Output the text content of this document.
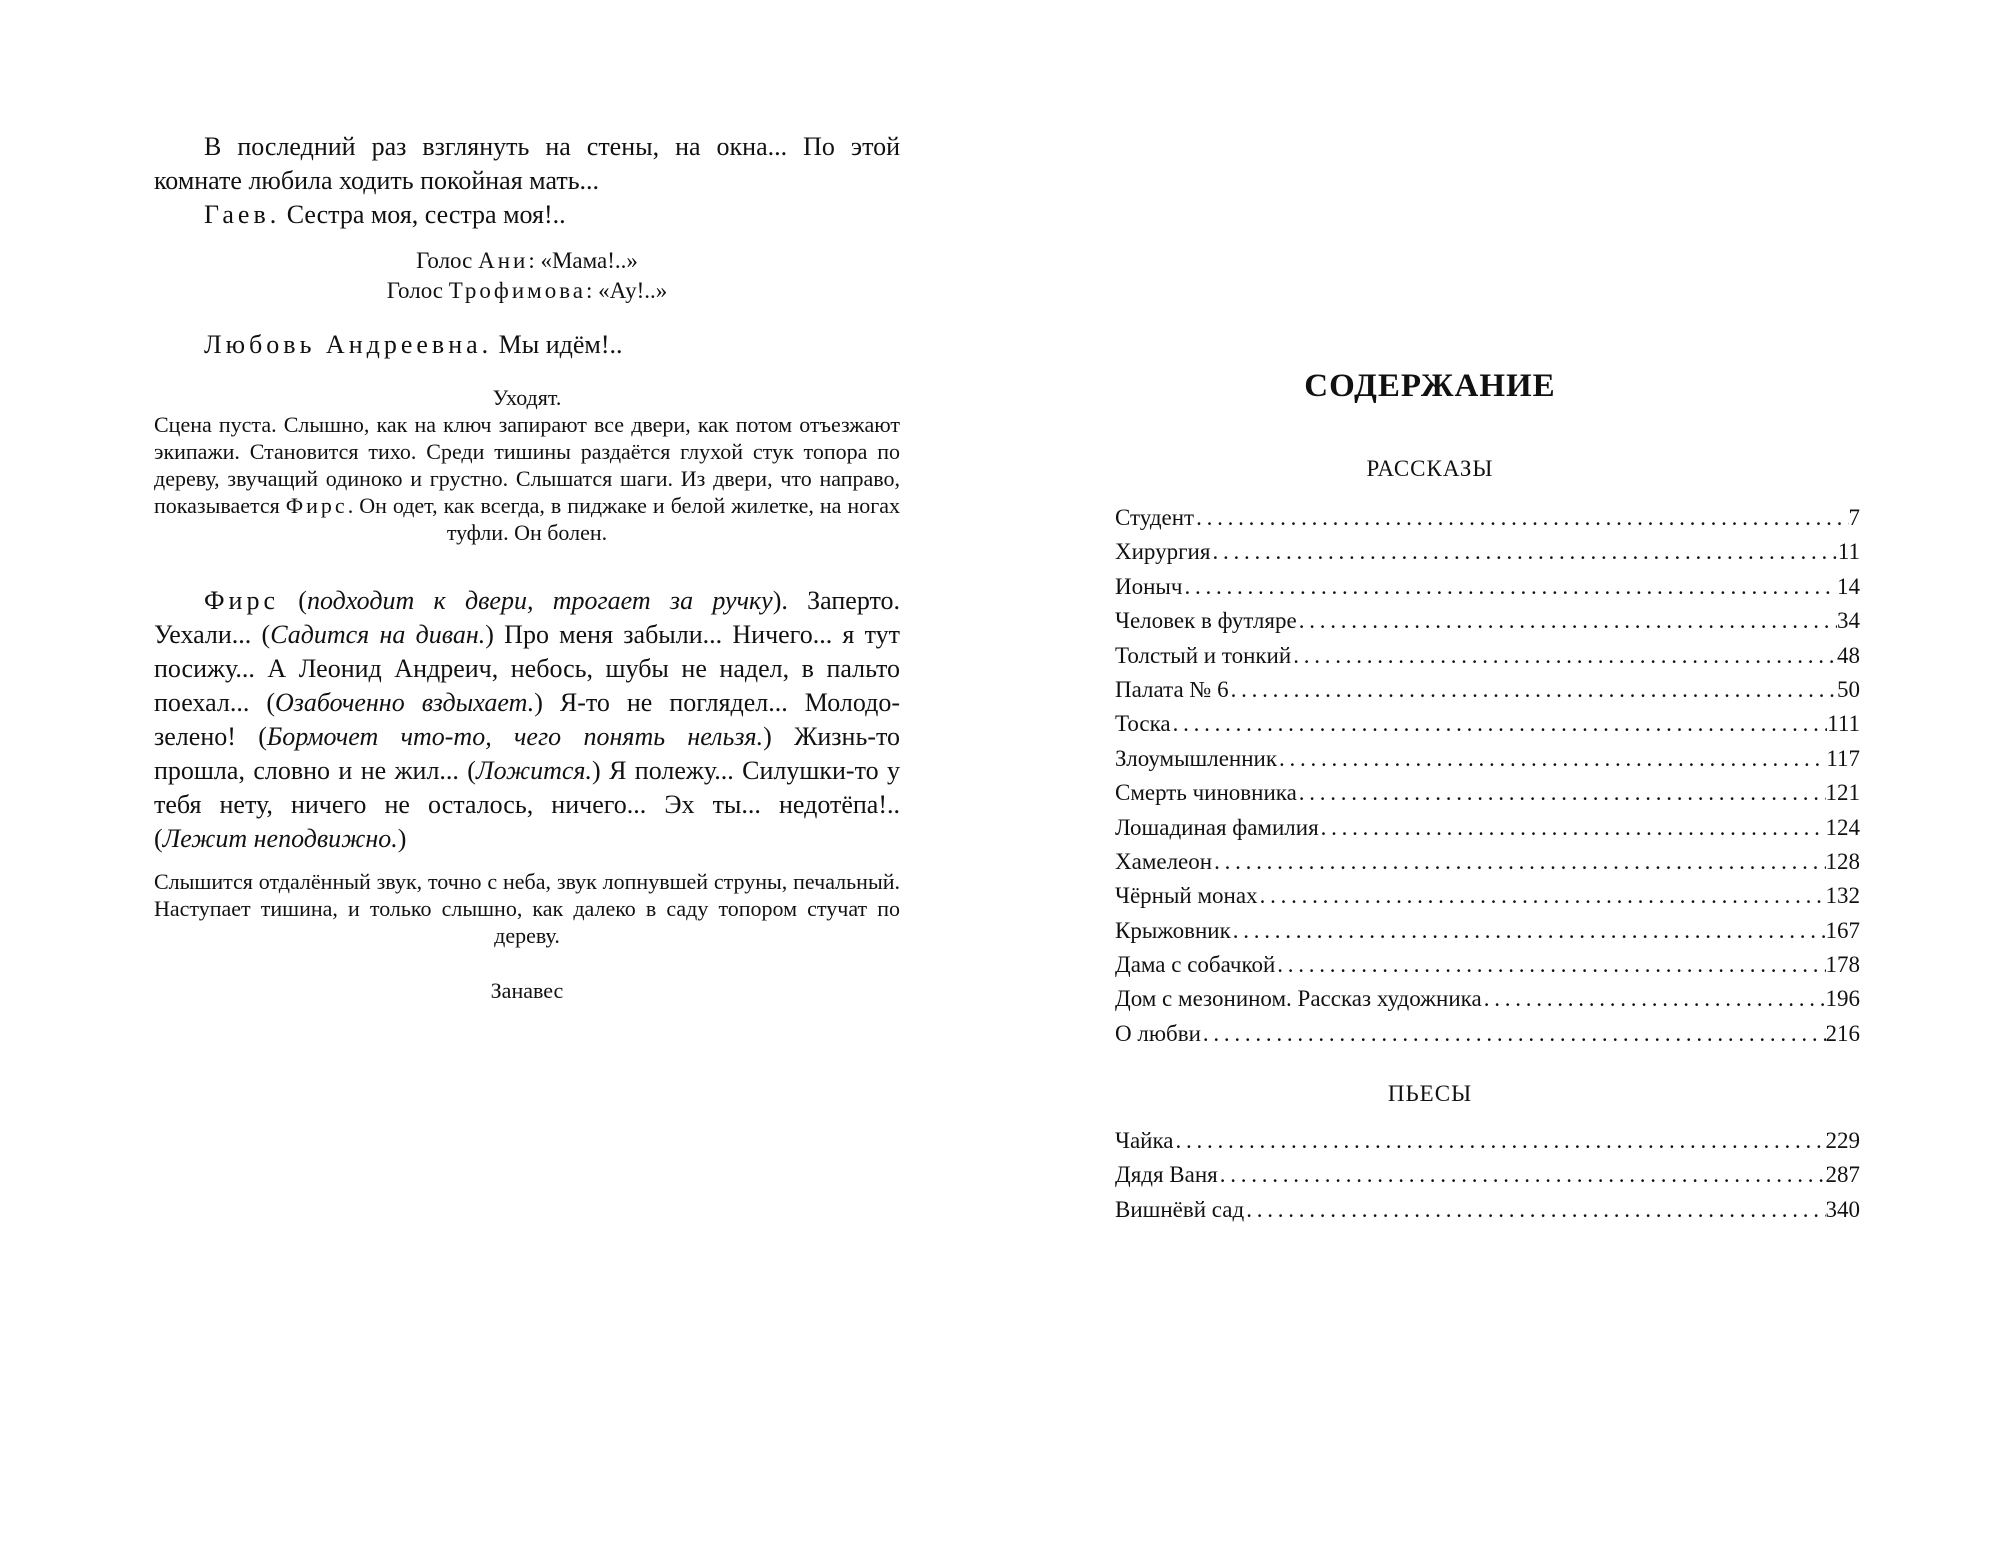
В последний раз взглянуть на стены, на окна... По этой комнате любила ходить покойная мать...

Гаев. Сестра моя, сестра моя!..

Голос Ани: «Мама!..»

Голос Трофимова: «Ау!..»

Любовь Андреевна. Мы идём!..

Уходят.

Сцена пуста. Слышно, как на ключ запирают все двери, как потом отъезжают экипажи. Становится тихо. Среди тишины раздаётся глухой стук топора по дереву, звучащий одиноко и грустно. Слышатся шаги. Из двери, что направо, показывается Фирс. Он одет, как всегда, в пиджаке и белой жилетке, на ногах туфли. Он болен.

Фирс (подходит к двери, трогает за ручку). Заперто. Уехали... (Садится на диван.) Про меня забыли... Ничего... я тут посижу... А Леонид Андреич, небось, шубы не надел, в пальто поехал... (Озабоченно вздыхает.) Я-то не поглядел... Молодо-зелено! (Бормочет что-то, чего понять нельзя.) Жизнь-то прошла, словно и не жил... (Ложится.) Я полежу... Силушки-то у тебя нету, ничего не осталось, ничего... Эх ты... недотёпа!.. (Лежит неподвижно.)

Слышится отдалённый звук, точно с неба, звук лопнувшей струны, печальный. Наступает тишина, и только слышно, как далеко в саду топором стучат по дереву.

Занавес

СОДЕРЖАНИЕ

РАССКАЗЫ

Студент . . .	7
Хирургия . . .	11
Ионыч . . .	14
Человек в футляре . . .	34
Толстый и тонкий . . .	48
Палата № 6 . . .	50
Тоска . . .	111
Злоумышленник . . .	117
Смерть чиновника . . .	121
Лошадиная фамилия . . .	124
Хамелеон . . .	128
Чёрный монах . . .	132
Крыжовник . . .	167
Дама с собачкой . . .	178
Дом с мезонином. Рассказ художника . . .	196
О любви . . .	216

ПЬЕСЫ

Чайка . . .	229
Дядя Ваня . . .	287
Вишнёвй сад . . .	340
